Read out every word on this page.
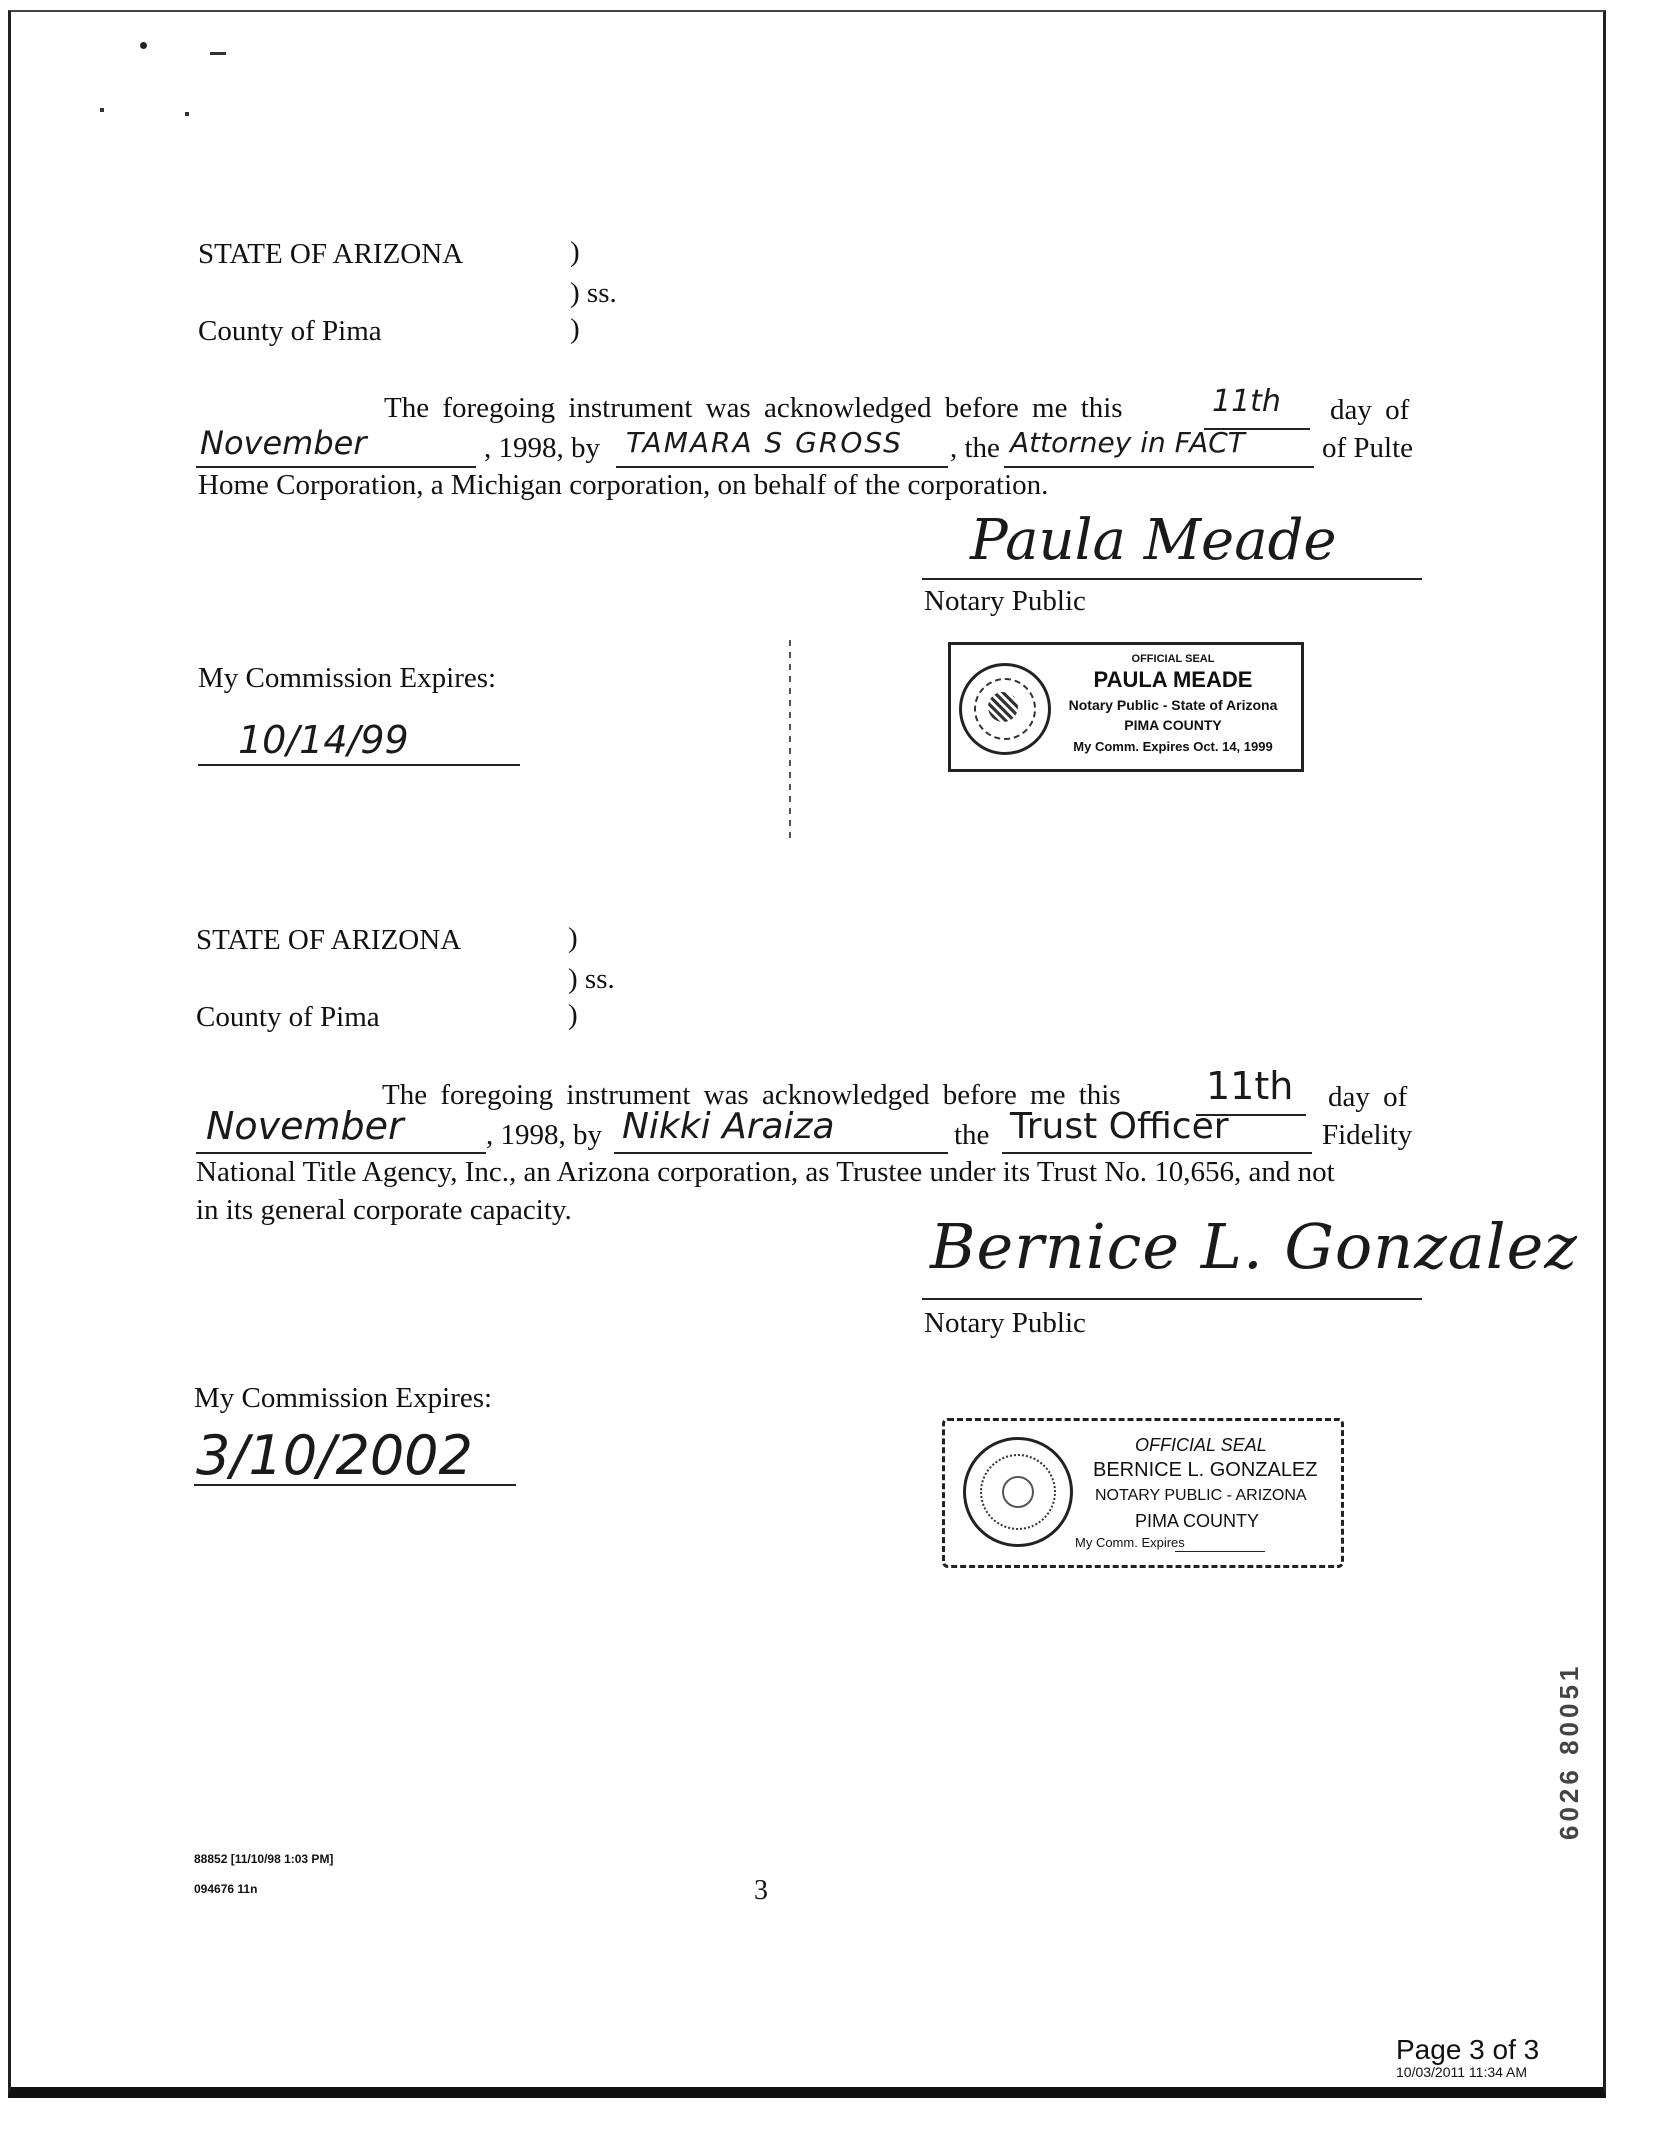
STATE OF ARIZONA	)
) ss.
County of Pima	)
The foregoing instrument was acknowledged before me this	11th day of
November	, 1998, by TAMARA S GROSS , the Attorney in FACT	of Pulte
Home Corporation, a Michigan corporation, on behalf of the corporation.
Paula Meade
Notary Public
My Commission Expires:
10/14/99
OFFICIAL SEAL
PAULA MEADE
Notary Public - State of Arizona
PIMA COUNTY
My Comm. Expires Oct. 14, 1999
STATE OF ARIZONA	)
) ss.
County of Pima	)
The foregoing instrument was acknowledged before me this 11th day of
November	, 1998, by Nikki Araiza	the Trust Officer	Fidelity
National Title Agency, Inc., an Arizona corporation, as Trustee under its Trust No. 10,656, and not
in its general corporate capacity.	Bernice L. Gonzalez
Notary Public
My Commission Expires:
3/10/2002	OFFICIAL SEAL
BERNICE L. GONZALEZ
NOTARY PUBLIC - ARIZONA
PIMA COUNTY
My Comm. Expires
6026 80051
88852 [11/10/98 1:03 PM]
094676 11n	3
Page 3 of 3
10/03/2011 11:34 AM
